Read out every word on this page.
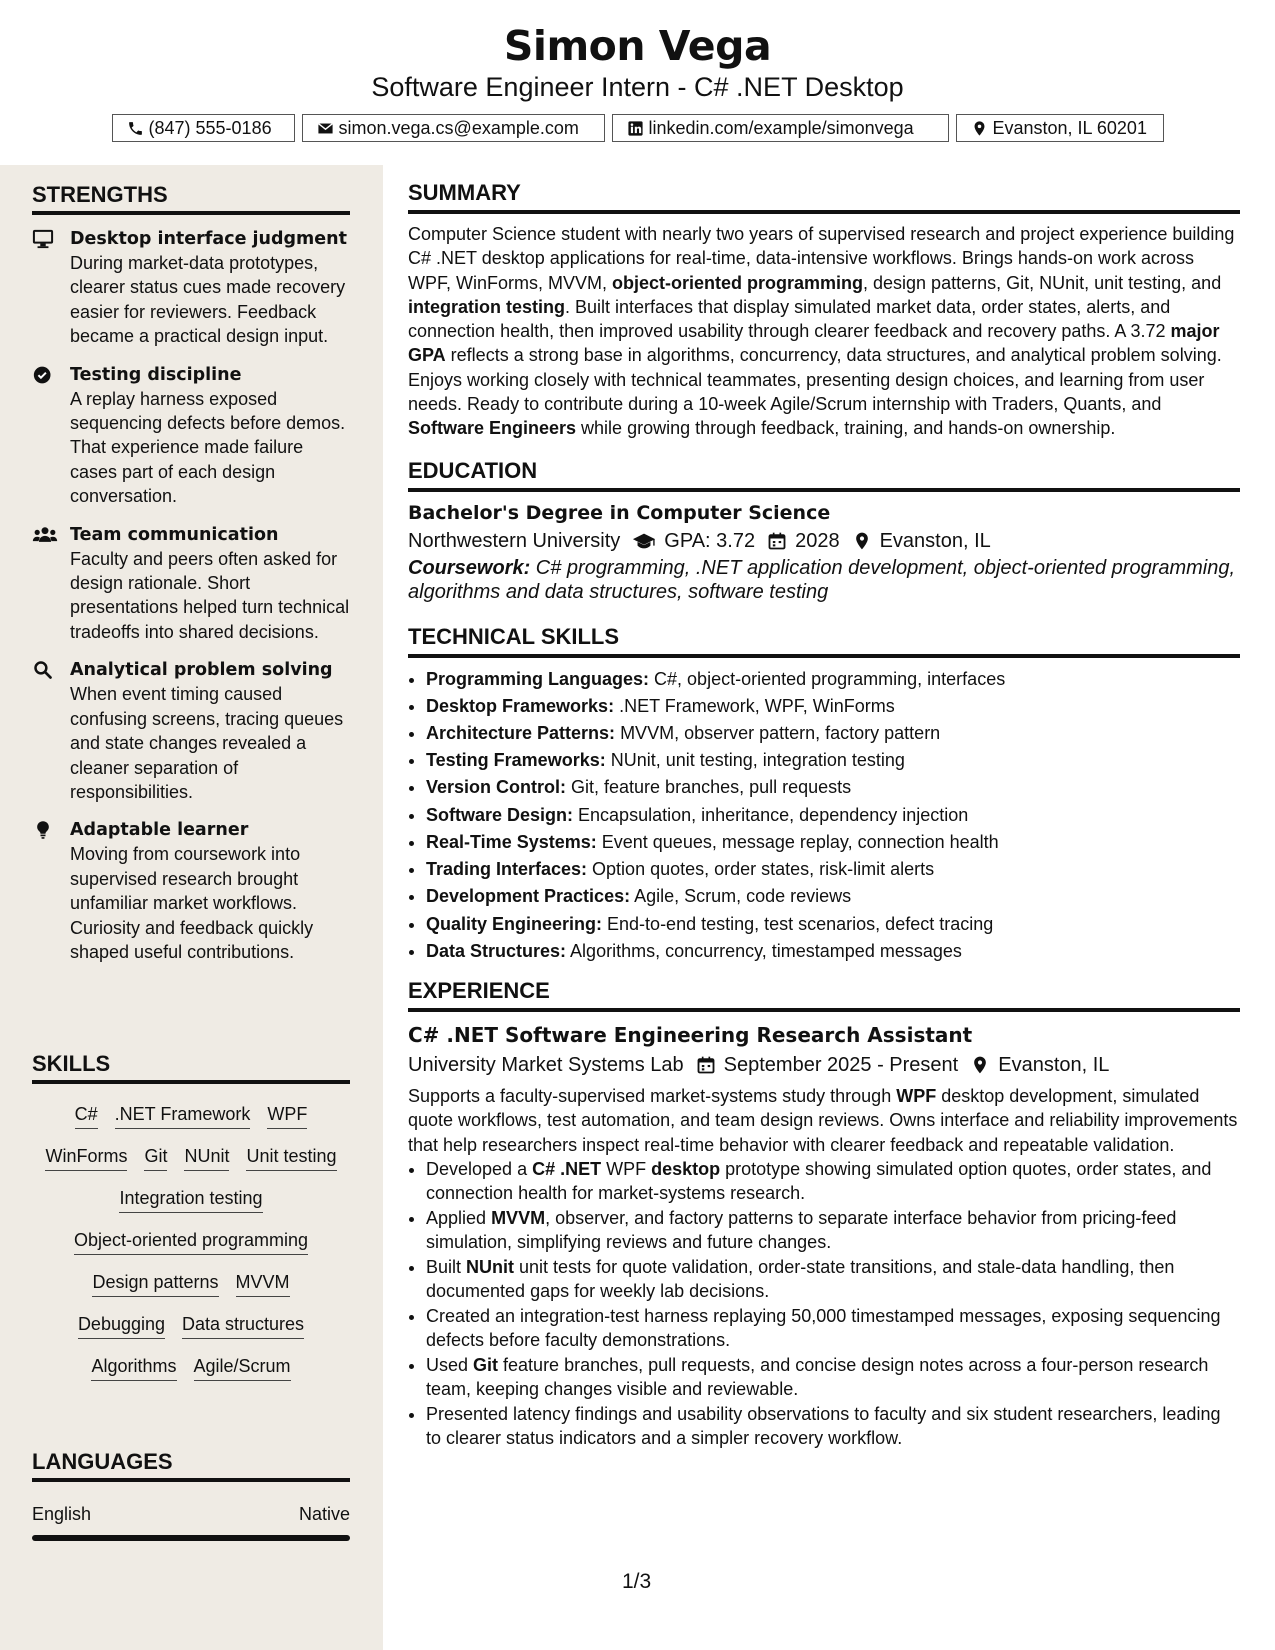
Simon Vega
Software Engineer Intern - C# .NET Desktop
(847) 555-0186	simon.vega.cs@example.com	linkedin.com/example/simonvega	Evanston, IL 60201
STRENGTHS
Desktop interface judgment
During market-data prototypes, clearer status cues made recovery easier for reviewers. Feedback became a practical design input.
Testing discipline
A replay harness exposed sequencing defects before demos. That experience made failure cases part of each design conversation.
Team communication
Faculty and peers often asked for design rationale. Short presentations helped turn technical tradeoffs into shared decisions.
Analytical problem solving
When event timing caused confusing screens, tracing queues and state changes revealed a cleaner separation of responsibilities.
Adaptable learner
Moving from coursework into supervised research brought unfamiliar market workflows. Curiosity and feedback quickly shaped useful contributions.
SKILLS
C# .NET Framework WPF
WinForms Git NUnit Unit testing
Integration testing
Object-oriented programming
Design patterns MVVM
Debugging Data structures
Algorithms Agile/Scrum
LANGUAGES
English	Native
SUMMARY
Computer Science student with nearly two years of supervised research and project experience building C# .NET desktop applications for real-time, data-intensive workflows. Brings hands-on work across WPF, WinForms, MVVM, object-oriented programming, design patterns, Git, NUnit, unit testing, and integration testing. Built interfaces that display simulated market data, order states, alerts, and connection health, then improved usability through clearer feedback and recovery paths. A 3.72 major GPA reflects a strong base in algorithms, concurrency, data structures, and analytical problem solving. Enjoys working closely with technical teammates, presenting design choices, and learning from user needs. Ready to contribute during a 10-week Agile/Scrum internship with Traders, Quants, and Software Engineers while growing through feedback, training, and hands-on ownership.
EDUCATION
Bachelor's Degree in Computer Science
Northwestern University GPA: 3.72 2028 Evanston, IL
Coursework: C# programming, .NET application development, object-oriented programming, algorithms and data structures, software testing
TECHNICAL SKILLS
• Programming Languages: C#, object-oriented programming, interfaces
• Desktop Frameworks: .NET Framework, WPF, WinForms
• Architecture Patterns: MVVM, observer pattern, factory pattern
• Testing Frameworks: NUnit, unit testing, integration testing
• Version Control: Git, feature branches, pull requests
• Software Design: Encapsulation, inheritance, dependency injection
• Real-Time Systems: Event queues, message replay, connection health
• Trading Interfaces: Option quotes, order states, risk-limit alerts
• Development Practices: Agile, Scrum, code reviews
• Quality Engineering: End-to-end testing, test scenarios, defect tracing
• Data Structures: Algorithms, concurrency, timestamped messages
EXPERIENCE
C# .NET Software Engineering Research Assistant
University Market Systems Lab September 2025 - Present Evanston, IL
Supports a faculty-supervised market-systems study through WPF desktop development, simulated quote workflows, test automation, and team design reviews. Owns interface and reliability improvements that help researchers inspect real-time behavior with clearer feedback and repeatable validation.
• Developed a C# .NET WPF desktop prototype showing simulated option quotes, order states, and connection health for market-systems research.
• Applied MVVM, observer, and factory patterns to separate interface behavior from pricing-feed simulation, simplifying reviews and future changes.
• Built NUnit unit tests for quote validation, order-state transitions, and stale-data handling, then documented gaps for weekly lab decisions.
• Created an integration-test harness replaying 50,000 timestamped messages, exposing sequencing defects before faculty demonstrations.
• Used Git feature branches, pull requests, and concise design notes across a four-person research team, keeping changes visible and reviewable.
• Presented latency findings and usability observations to faculty and six student researchers, leading to clearer status indicators and a simpler recovery workflow.
1/3
